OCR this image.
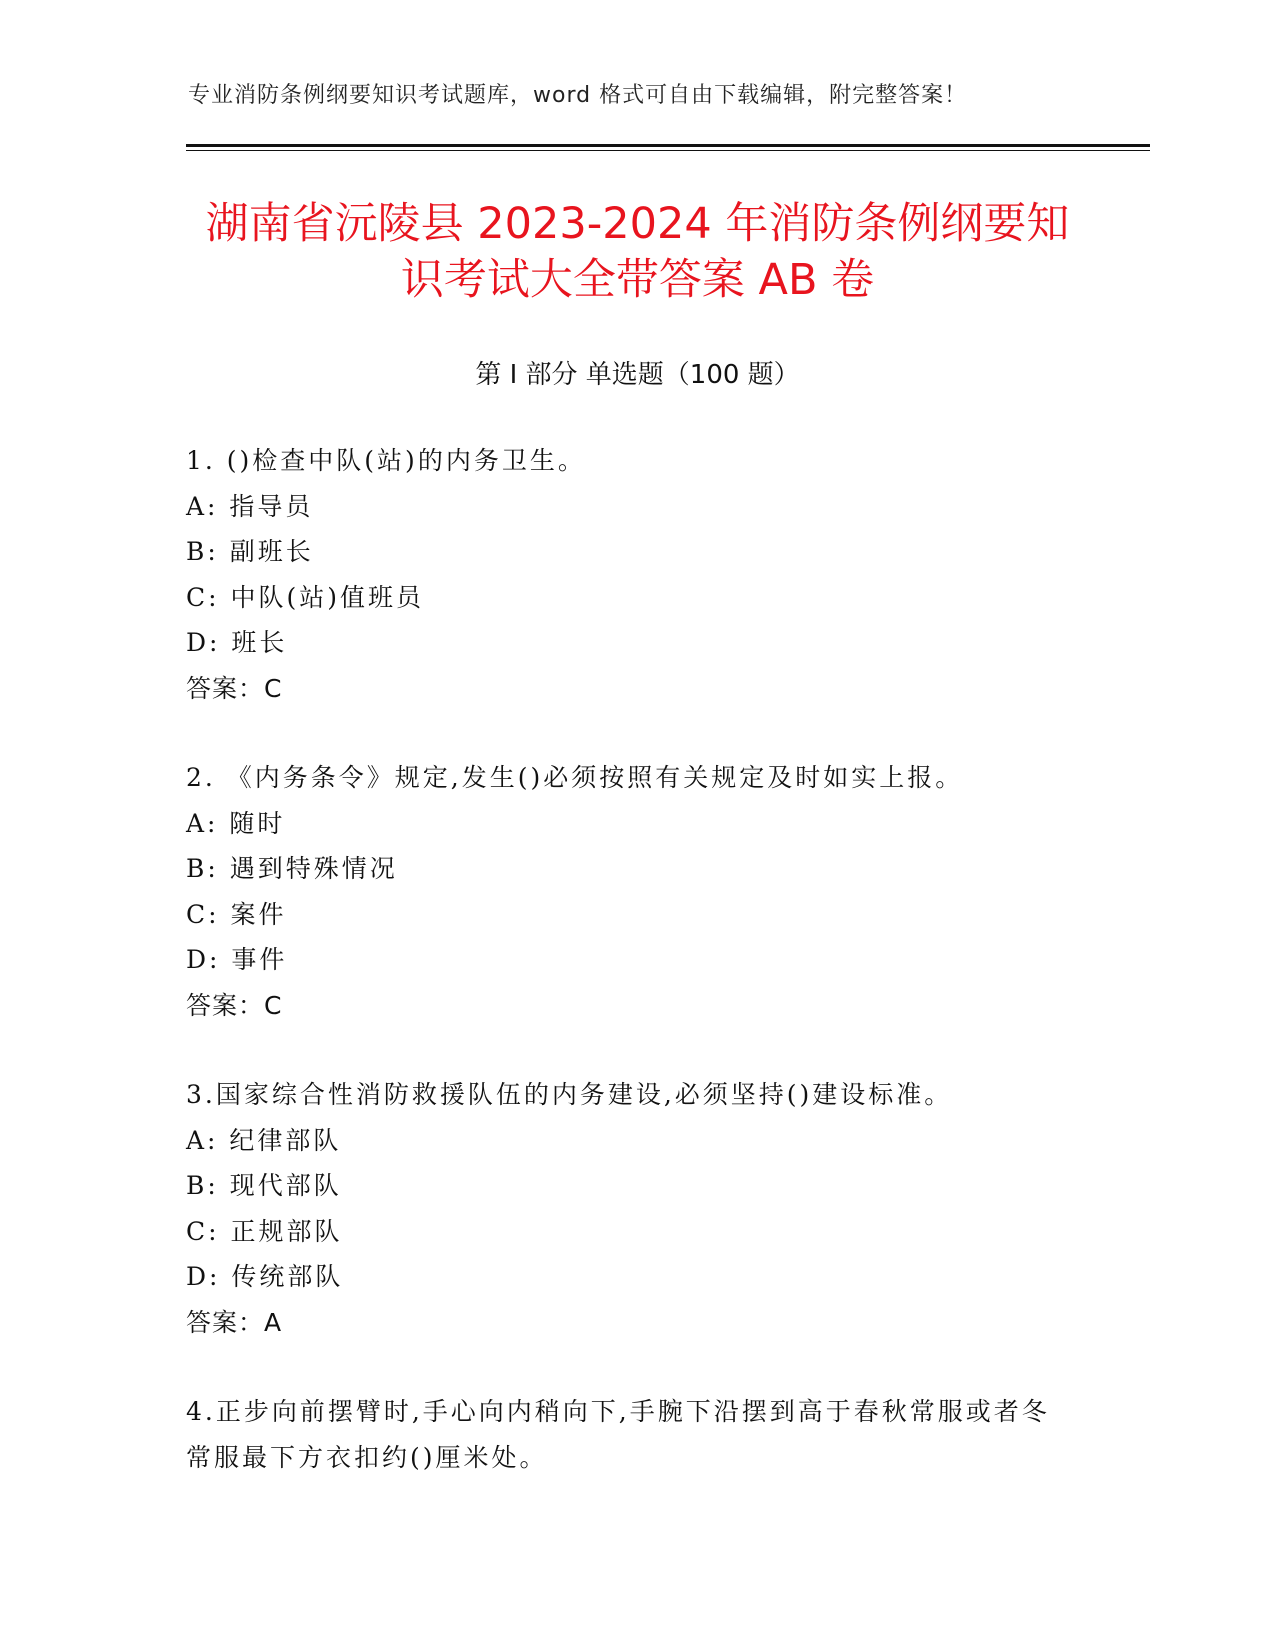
专业消防条例纲要知识考试题库，word 格式可自由下载编辑，附完整答案！
湖南省沅陵县 2023-2024 年消防条例纲要知
识考试大全带答案 AB 卷
第 I 部分 单选题（100 题）
1. ()检查中队(站)的内务卫生。
A: 指导员
B: 副班长
C: 中队(站)值班员
D: 班长
答案：C
2. 《内务条令》规定,发生()必须按照有关规定及时如实上报。
A: 随时
B: 遇到特殊情况
C: 案件
D: 事件
答案：C
3.国家综合性消防救援队伍的内务建设,必须坚持()建设标准。
A: 纪律部队
B: 现代部队
C: 正规部队
D: 传统部队
答案：A
4.正步向前摆臂时,手心向内稍向下,手腕下沿摆到高于春秋常服或者冬常服最下方衣扣约()厘米处。
